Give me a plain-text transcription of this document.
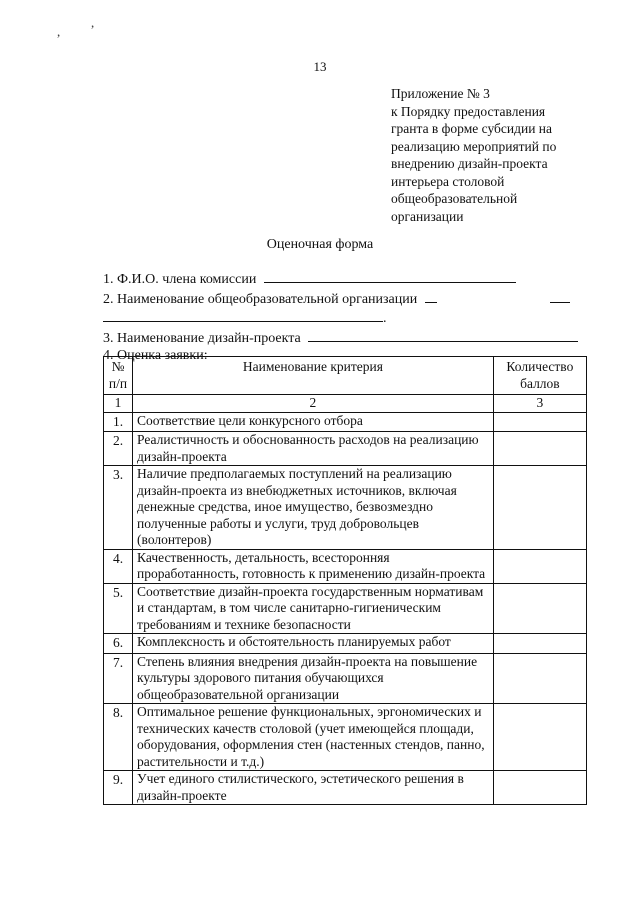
,
,
13
Приложение № 3
к Порядку предоставления
гранта в форме субсидии на
реализацию мероприятий по
внедрению дизайн-проекта
интерьера столовой
общеобразовательной
организации
Оценочная форма
1. Ф.И.О. члена комиссии
2. Наименование общеобразовательной организации
.
3. Наименование дизайн-проекта
4. Оценка заявки:
№ п/п	Наименование критерия	Количество баллов
1	2	3
1.	Соответствие цели конкурсного отбора	
2.	Реалистичность и обоснованность расходов на реализацию дизайн-проекта	
3.	Наличие предполагаемых поступлений на реализацию дизайн-проекта из внебюджетных источников, включая денежные средства, иное имущество, безвозмездно полученные работы и услуги, труд добровольцев (волонтеров)	
4.	Качественность, детальность, всесторонняя проработанность, готовность к применению дизайн-проекта	
5.	Соответствие дизайн-проекта государственным нормативам и стандартам, в том числе санитарно-гигиеническим требованиям и технике безопасности	
6.	Комплексность и обстоятельность планируемых работ	
7.	Степень влияния внедрения дизайн-проекта на повышение культуры здорового питания обучающихся общеобразовательной организации	
8.	Оптимальное решение функциональных, эргономических и технических качеств столовой (учет имеющейся площади, оборудования, оформления стен (настенных стендов, панно, растительности и т.д.)	
9.	Учет единого стилистического, эстетического решения в дизайн-проекте	
